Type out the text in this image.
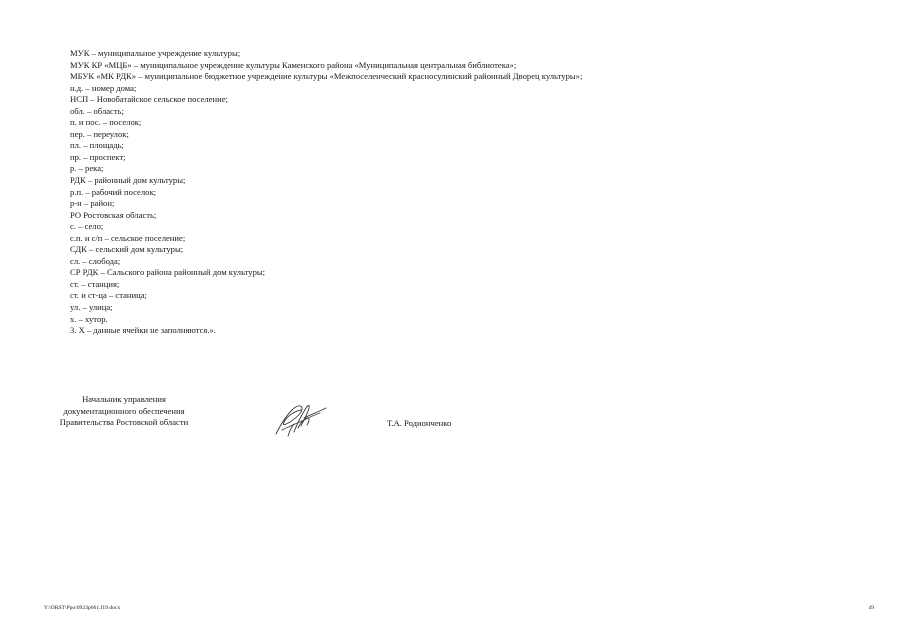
МУК – муниципальное учреждение культуры;
МУК КР «МЦБ» – муниципальное учреждение культуры Каменского района «Муниципальная центральная библиотека»;
МБУК «МК РДК» – муниципальное бюджетное учреждение культуры «Межпоселенческий красносулинский районный Дворец культуры»;
н.д. – номер дома;
НСП – Новобатайское сельское поселение;
обл. – область;
п. и пос. – поселок;
пер. – переулок;
пл. – площадь;
пр. – проспект;
р. – река;
РДК – районный дом культуры;
р.п. – рабочий поселок;
р-н – район;
РО Ростовская область;
с. – село;
с.п. и с/п – сельское поселение;
СДК – сельский дом культуры;
сл. – слобода;
СР РДК – Сальского района районный дом культуры;
ст. – станция;
ст. и ст-ца – станица;
ул. – улица;
х. – хутор.
3. Х – данные ячейки не заполняются.».
Начальник управления
документационного обеспечения
Правительства Ростовской области	Т.А. Родионченко
Y:\ORST\Ppo\0923p661.f19.docx	49
